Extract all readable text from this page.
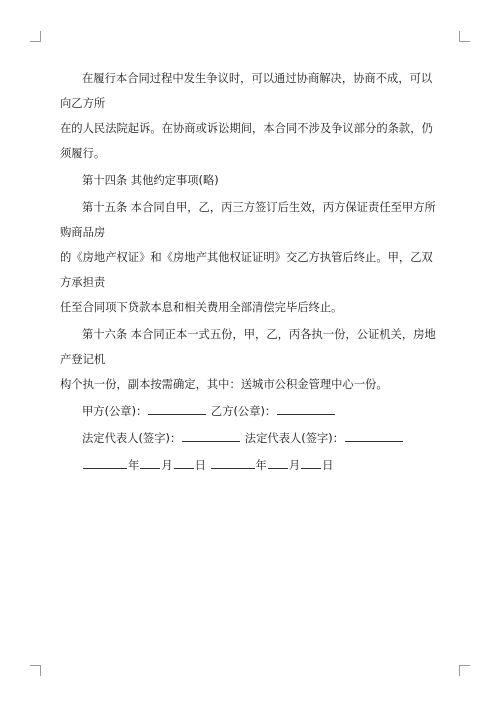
在履行本合同过程中发生争议时，可以通过协商解决，协商不成，可以向乙方所
在的人民法院起诉。在协商或诉讼期间，本合同不涉及争议部分的条款，仍须履行。

第十四条 其他约定事项(略)

第十五条 本合同自甲，乙，丙三方签订后生效，丙方保证责任至甲方所购商品房
的《房地产权证》和《房地产其他权证证明》交乙方执管后终止。甲，乙双方承担责
任至合同项下贷款本息和相关费用全部清偿完毕后终止。

第十六条 本合同正本一式五份，甲，乙，丙各执一份，公证机关，房地产登记机
构个执一份，副本按需确定，其中：送城市公积金管理中心一份。

甲方(公章)：	乙方(公章)：

法定代表人(签字)：	法定代表人(签字)：

年 月 日	年 月 日
